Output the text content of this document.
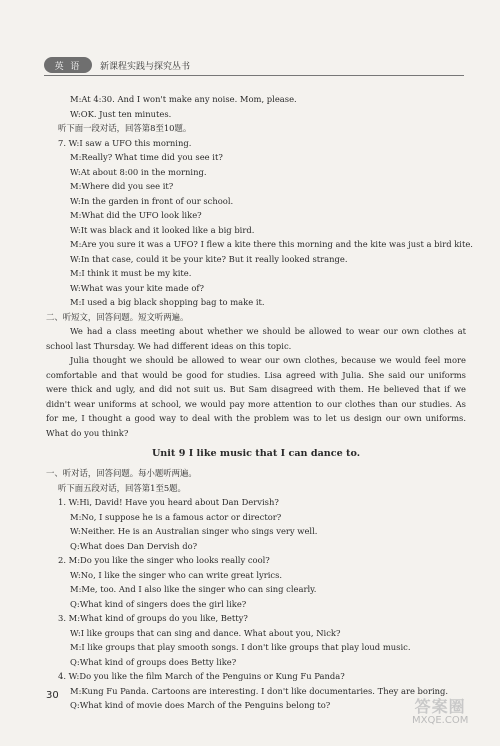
英 语	新课程实践与探究丛书
M:At 4:30. And I won't make any noise. Mom, please.
W:OK. Just ten minutes.
听下面一段对话，回答第8至10题。
7. W:I saw a UFO this morning.
M:Really? What time did you see it?
W:At about 8:00 in the morning.
M:Where did you see it?
W:In the garden in front of our school.
M:What did the UFO look like?
W:It was black and it looked like a big bird.
M:Are you sure it was a UFO? I flew a kite there this morning and the kite was just a bird kite.
W:In that case, could it be your kite? But it really looked strange.
M:I think it must be my kite.
W:What was your kite made of?
M:I used a big black shopping bag to make it.
二、听短文，回答问题。短文听两遍。
We had a class meeting about whether we should be allowed to wear our own clothes at school last Thursday. We had different ideas on this topic.
Julia thought we should be allowed to wear our own clothes, because we would feel more comfortable and that would be good for studies. Lisa agreed with Julia. She said our uniforms were thick and ugly, and did not suit us. But Sam disagreed with them. He believed that if we didn't wear uniforms at school, we would pay more attention to our clothes than our studies. As for me, I thought a good way to deal with the problem was to let us design our own uniforms. What do you think?
Unit 9 I like music that I can dance to.
一、听对话，回答问题。每小题听两遍。
听下面五段对话，回答第1至5题。
1. W:Hi, David! Have you heard about Dan Dervish?
M:No, I suppose he is a famous actor or director?
W:Neither. He is an Australian singer who sings very well.
Q:What does Dan Dervish do?
2. M:Do you like the singer who looks really cool?
W:No, I like the singer who can write great lyrics.
M:Me, too. And I also like the singer who can sing clearly.
Q:What kind of singers does the girl like?
3. M:What kind of groups do you like, Betty?
W:I like groups that can sing and dance. What about you, Nick?
M:I like groups that play smooth songs. I don't like groups that play loud music.
Q:What kind of groups does Betty like?
4. W:Do you like the film March of the Penguins or Kung Fu Panda?
M:Kung Fu Panda. Cartoons are interesting. I don't like documentaries. They are boring.
Q:What kind of movie does March of the Penguins belong to?
30
答案圈
MXQE.COM
